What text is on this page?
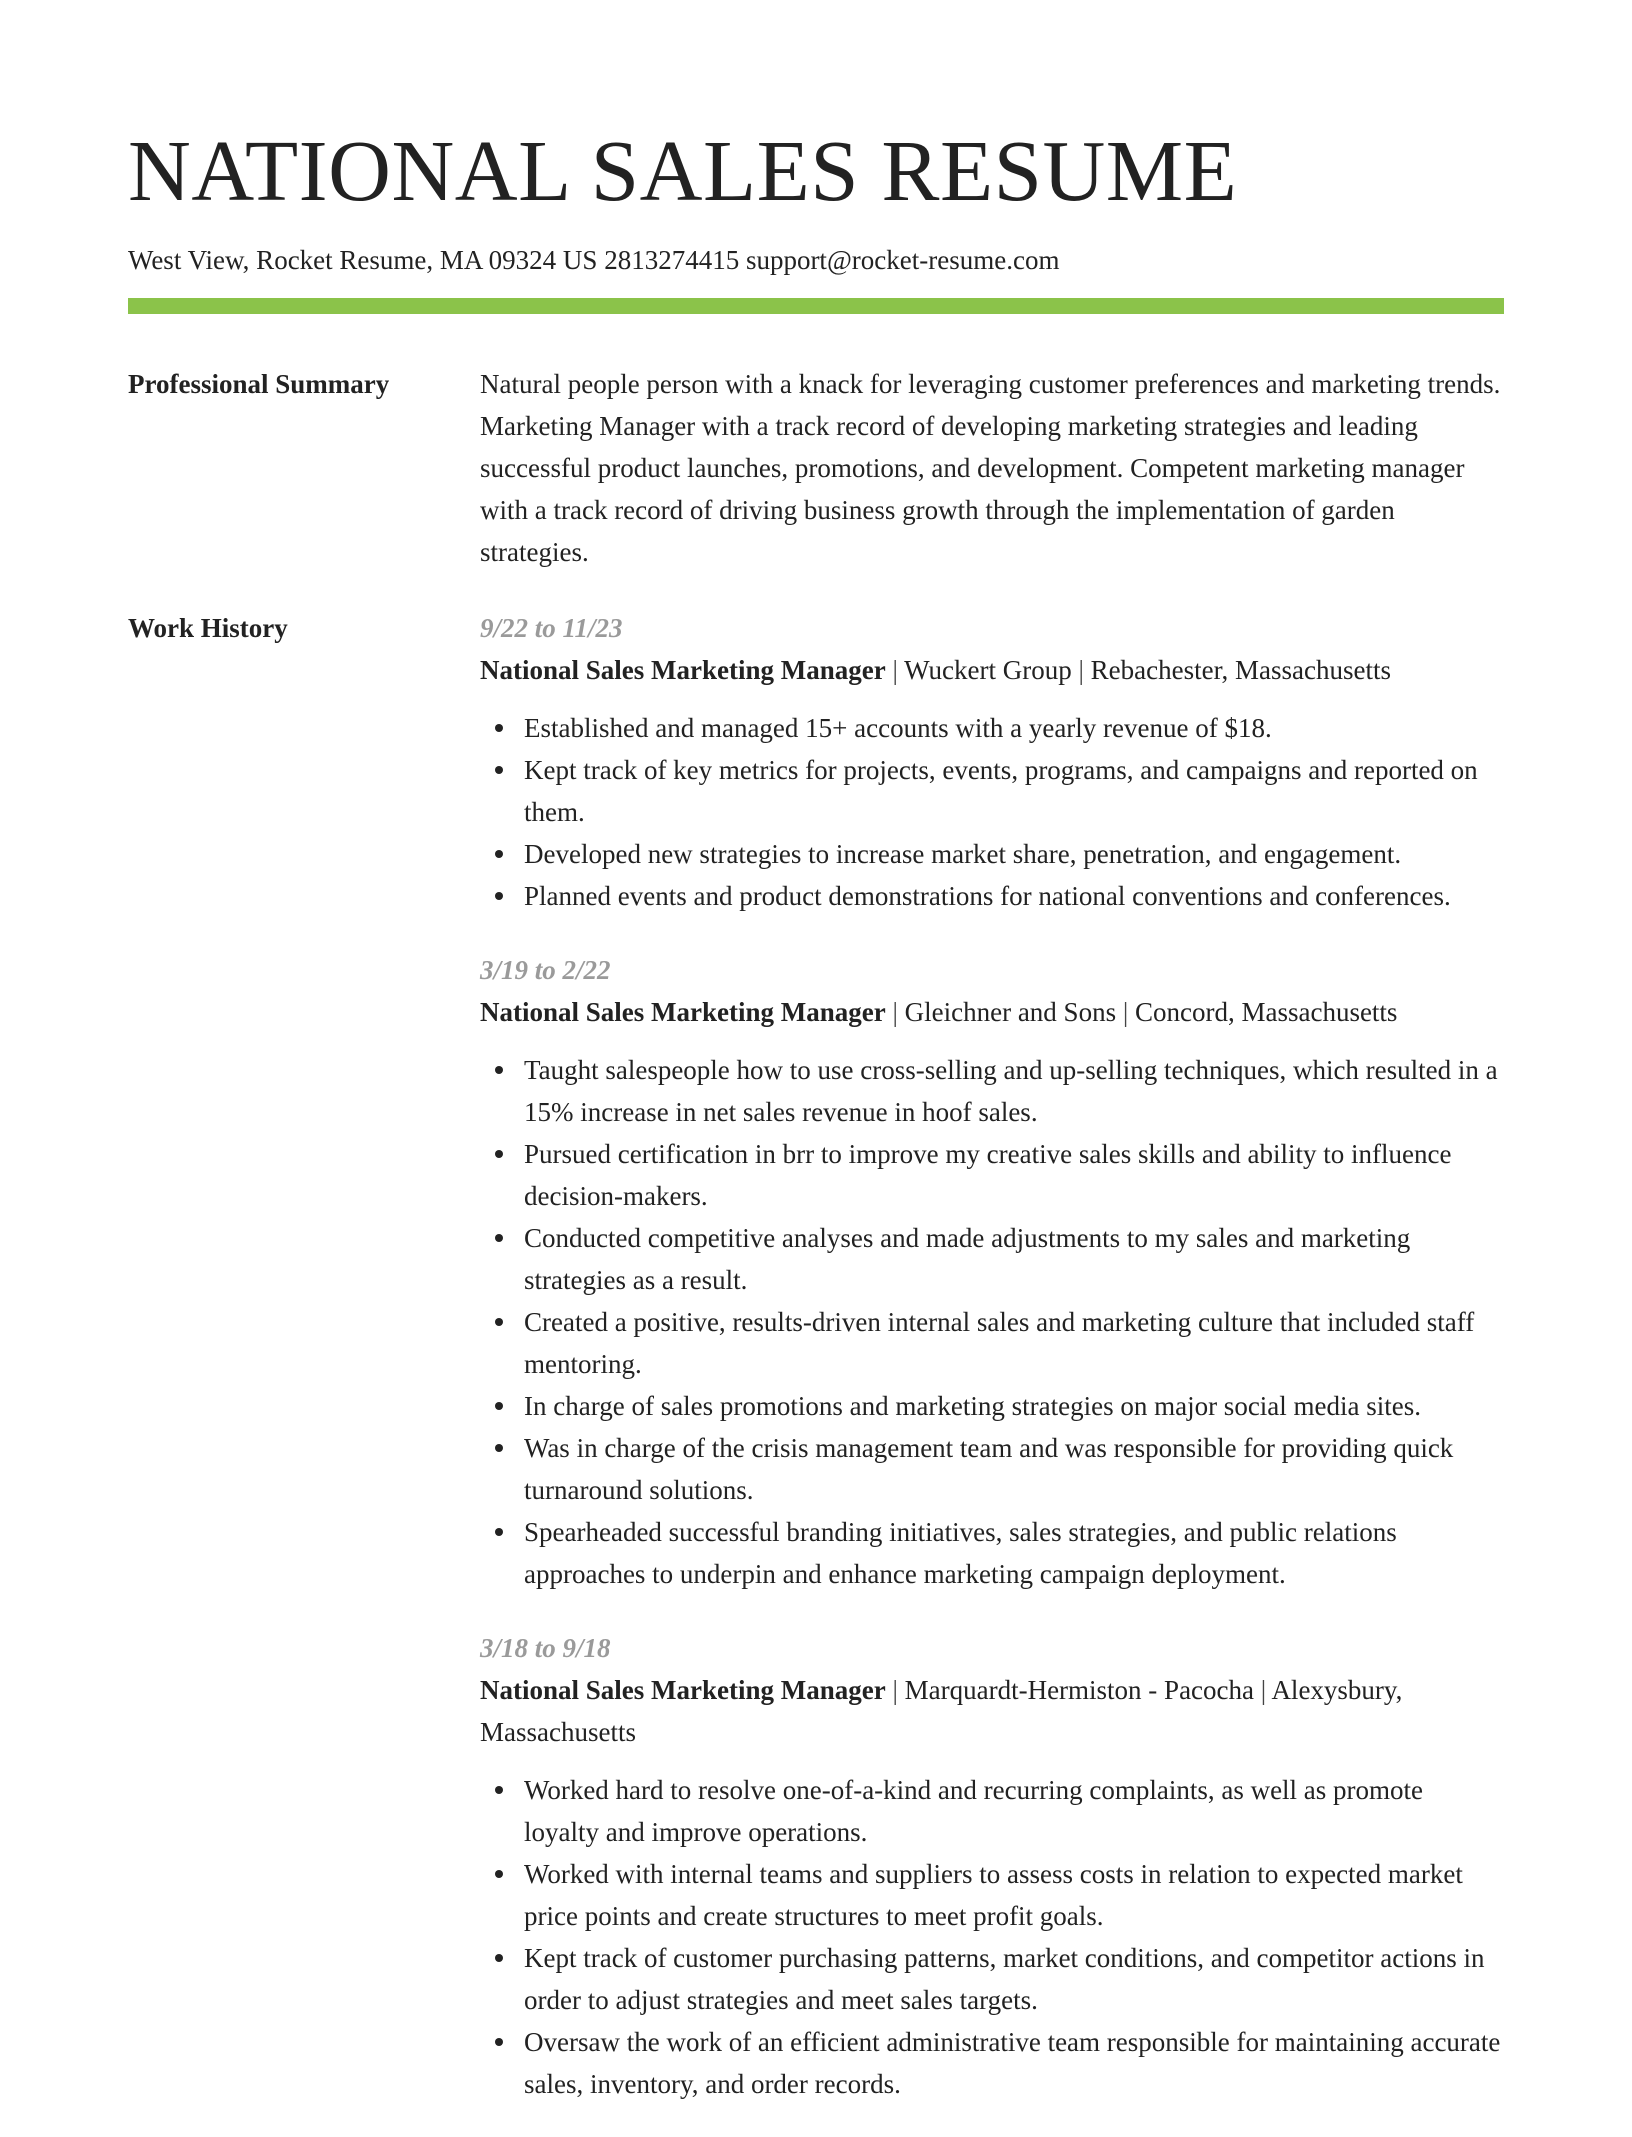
NATIONAL SALES RESUME
West View, Rocket Resume, MA 09324 US 2813274415 support@rocket-resume.com
Professional Summary	Natural people person with a knack for leveraging customer preferences and marketing trends. Marketing Manager with a track record of developing marketing strategies and leading successful product launches, promotions, and development. Competent marketing manager with a track record of driving business growth through the implementation of garden strategies.

Work History	9/22 to 11/23
National Sales Marketing Manager | Wuckert Group | Rebachester, Massachusetts
Established and managed 15+ accounts with a yearly revenue of $18.
Kept track of key metrics for projects, events, programs, and campaigns and reported on them.
Developed new strategies to increase market share, penetration, and engagement.
Planned events and product demonstrations for national conventions and conferences.
3/19 to 2/22
National Sales Marketing Manager | Gleichner and Sons | Concord, Massachusetts
Taught salespeople how to use cross-selling and up-selling techniques, which resulted in a 15% increase in net sales revenue in hoof sales.
Pursued certification in brr to improve my creative sales skills and ability to influence decision-makers.
Conducted competitive analyses and made adjustments to my sales and marketing strategies as a result.
Created a positive, results-driven internal sales and marketing culture that included staff mentoring.
In charge of sales promotions and marketing strategies on major social media sites.
Was in charge of the crisis management team and was responsible for providing quick turnaround solutions.
Spearheaded successful branding initiatives, sales strategies, and public relations approaches to underpin and enhance marketing campaign deployment.
3/18 to 9/18
National Sales Marketing Manager | Marquardt-Hermiston - Pacocha | Alexysbury, Massachusetts
Worked hard to resolve one-of-a-kind and recurring complaints, as well as promote loyalty and improve operations.
Worked with internal teams and suppliers to assess costs in relation to expected market price points and create structures to meet profit goals.
Kept track of customer purchasing patterns, market conditions, and competitor actions in order to adjust strategies and meet sales targets.
Oversaw the work of an efficient administrative team responsible for maintaining accurate sales, inventory, and order records.
